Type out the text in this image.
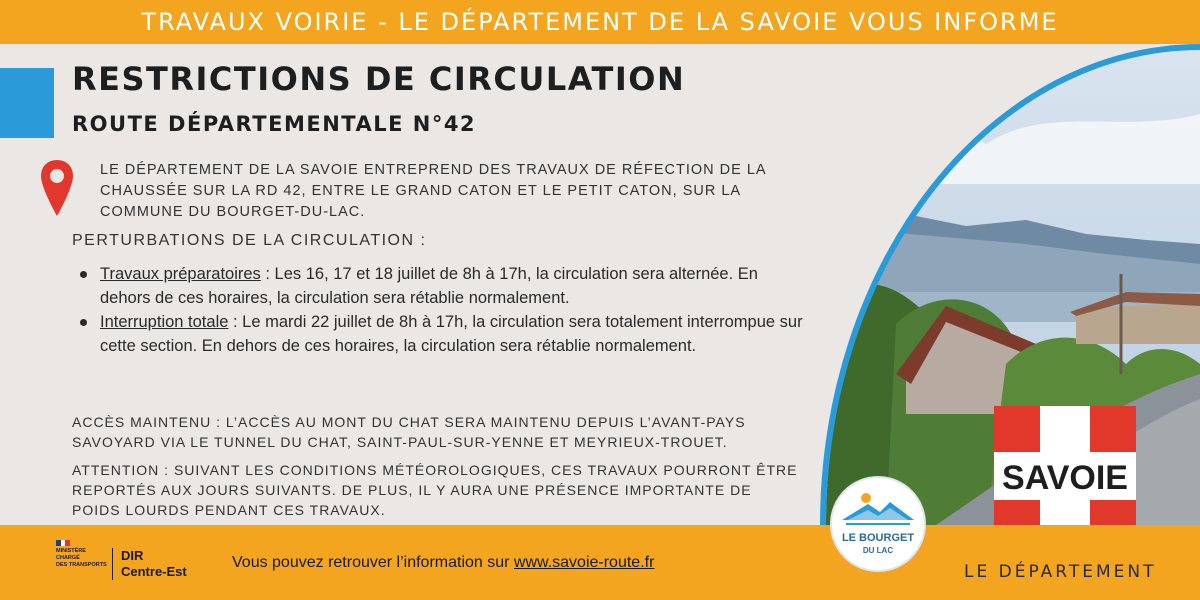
TRAVAUX VOIRIE - LE DÉPARTEMENT DE LA SAVOIE VOUS INFORME
RESTRICTIONS DE CIRCULATION
ROUTE DÉPARTEMENTALE N°42

LE DÉPARTEMENT DE LA SAVOIE ENTREPREND DES TRAVAUX DE RÉFECTION DE LA CHAUSSÉE SUR LA RD 42, ENTRE LE GRAND CATON ET LE PETIT CATON, SUR LA COMMUNE DU BOURGET-DU-LAC.

PERTURBATIONS DE LA CIRCULATION :
Travaux préparatoires : Les 16, 17 et 18 juillet de 8h à 17h, la circulation sera alternée. En dehors de ces horaires, la circulation sera rétablie normalement.
Interruption totale : Le mardi 22 juillet de 8h à 17h, la circulation sera totalement interrompue sur cette section. En dehors de ces horaires, la circulation sera rétablie normalement.

ACCÈS MAINTENU : L’ACCÈS AU MONT DU CHAT SERA MAINTENU DEPUIS L’AVANT-PAYS SAVOYARD VIA LE TUNNEL DU CHAT, SAINT-PAUL-SUR-YENNE ET MEYRIEUX-TROUET.

ATTENTION : SUIVANT LES CONDITIONS MÉTÉOROLOGIQUES, CES TRAVAUX POURRONT ÊTRE REPORTÉS AUX JOURS SUIVANTS. DE PLUS, IL Y AURA UNE PRÉSENCE IMPORTANTE DE POIDS LOURDS PENDANT CES TRAVAUX.

SAVOIE
LE DÉPARTEMENT
LE BOURGET
DU LAC
MINISTÈRE
CHARGÉ
DES TRANSPORTS
DIR
Centre-Est
Vous pouvez retrouver l’information sur www.savoie-route.fr
